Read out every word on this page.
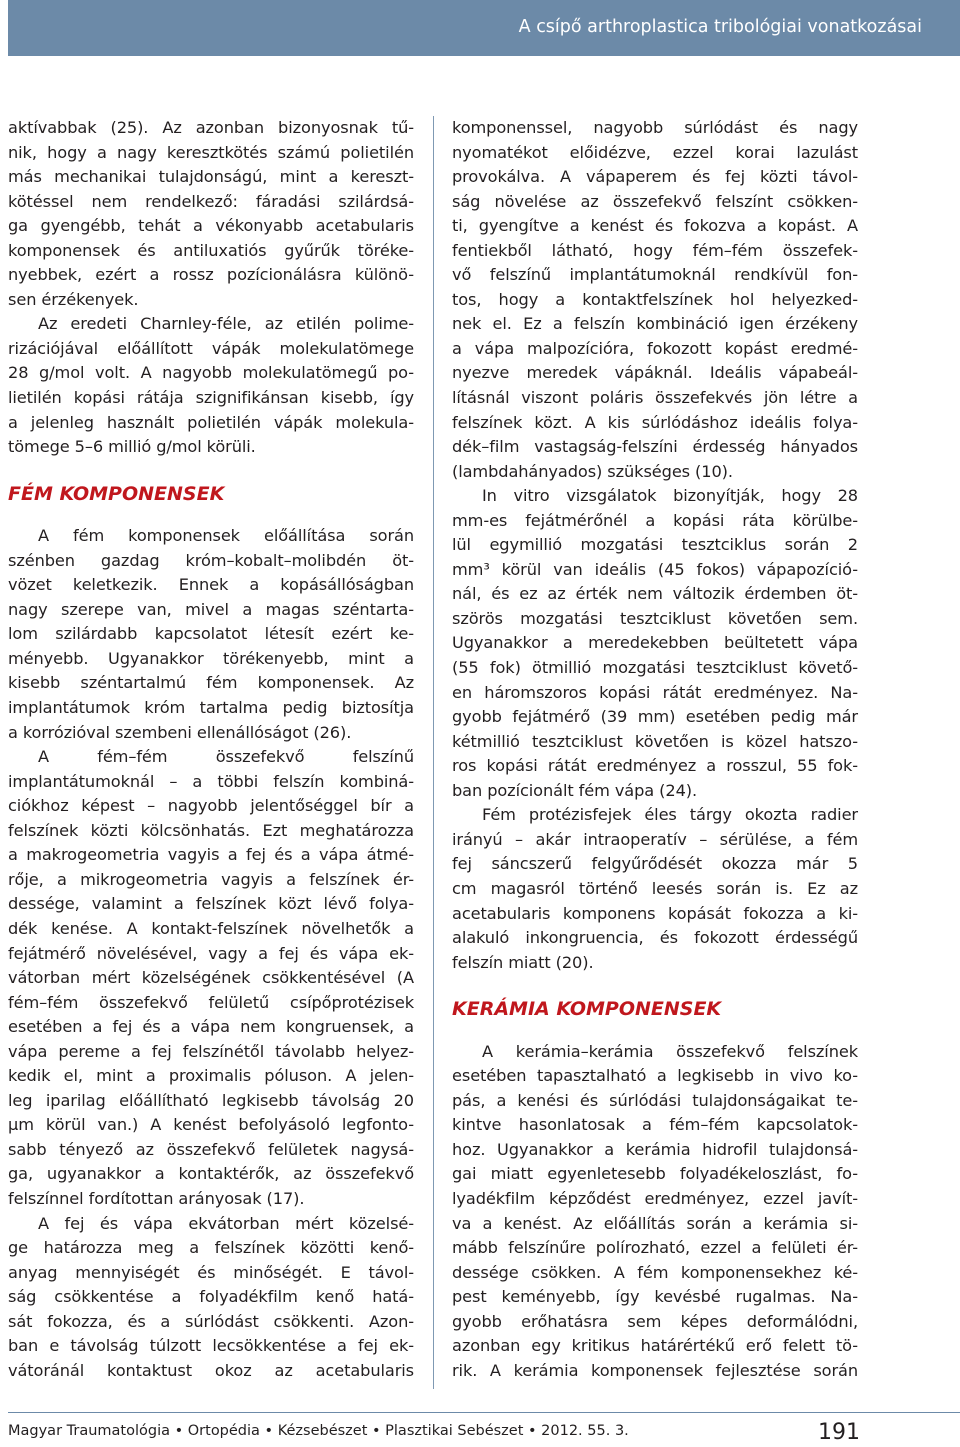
A csípő arthroplastica tribológiai vonatkozásai
aktívabbak (25). Az azonban bizonyosnak tű-
nik, hogy a nagy keresztkötés számú polietilén
más mechanikai tulajdonságú, mint a kereszt-
kötéssel nem rendelkező: fáradási szilárdsá-
ga gyengébb, tehát a vékonyabb acetabularis
komponensek és antiluxatiós gyűrűk töréke-
nyebbek, ezért a rossz pozícionálásra különö-
sen érzékenyek.
Az eredeti Charnley-féle, az etilén polime-
rizációjával előállított vápák molekulatömege
28 g/mol volt. A nagyobb molekulatömegű po-
lietilén kopási rátája szignifikánsan kisebb, így
a jelenleg használt polietilén vápák molekula-
tömege 5–6 millió g/mol körüli.
FÉM KOMPONENSEK
A fém komponensek előállítása során
szénben gazdag króm–kobalt–molibdén öt-
vözet keletkezik. Ennek a kopásállóságban
nagy szerepe van, mivel a magas széntarta-
lom szilárdabb kapcsolatot létesít ezért ke-
ményebb. Ugyanakkor törékenyebb, mint a
kisebb széntartalmú fém komponensek. Az
implantátumok króm tartalma pedig biztosítja
a korrózióval szembeni ellenállóságot (26).
A fém–fém összefekvő felszínű
implantátumoknál – a többi felszín kombiná-
ciókhoz képest – nagyobb jelentőséggel bír a
felszínek közti kölcsönhatás. Ezt meghatározza
a makrogeometria vagyis a fej és a vápa átmé-
rője, a mikrogeometria vagyis a felszínek ér-
dessége, valamint a felszínek közt lévő folya-
dék kenése. A kontakt-felszínek növelhetők a
fejátmérő növelésével, vagy a fej és vápa ek-
vátorban mért közelségének csökkentésével (A
fém–fém összefekvő felületű csípőprotézisek
esetében a fej és a vápa nem kongruensek, a
vápa pereme a fej felszínétől távolabb helyez-
kedik el, mint a proximalis póluson. A jelen-
leg iparilag előállítható legkisebb távolság 20
µm körül van.) A kenést befolyásoló legfonto-
sabb tényező az összefekvő felületek nagysá-
ga, ugyanakkor a kontaktérők, az összefekvő
felszínnel fordítottan arányosak (17).
A fej és vápa ekvátorban mért közelsé-
ge határozza meg a felszínek közötti kenő-
anyag mennyiségét és minőségét. E távol-
ság csökkentése a folyadékfilm kenő hatá-
sát fokozza, és a súrlódást csökkenti. Azon-
ban e távolság túlzott lecsökkentése a fej ek-
vátoránál kontaktust okoz az acetabularis
komponenssel, nagyobb súrlódást és nagy
nyomatékot előidézve, ezzel korai lazulást
provokálva. A vápaperem és fej közti távol-
ság növelése az összefekvő felszínt csökken-
ti, gyengítve a kenést és fokozva a kopást. A
fentiekből látható, hogy fém–fém összefek-
vő felszínű implantátumoknál rendkívül fon-
tos, hogy a kontaktfelszínek hol helyezked-
nek el. Ez a felszín kombináció igen érzékeny
a vápa malpozícióra, fokozott kopást eredmé-
nyezve meredek vápáknál. Ideális vápabeál-
lításnál viszont poláris összefekvés jön létre a
felszínek közt. A kis súrlódáshoz ideális folya-
dék–film vastagság-felszíni érdesség hányados
(lambdahányados) szükséges (10).
In vitro vizsgálatok bizonyítják, hogy 28
mm-es fejátmérőnél a kopási ráta körülbe-
lül egymillió mozgatási tesztciklus során 2
mm³ körül van ideális (45 fokos) vápapozíció-
nál, és ez az érték nem változik érdemben öt-
szörös mozgatási tesztciklust követően sem.
Ugyanakkor a meredekebben beültetett vápa
(55 fok) ötmillió mozgatási tesztciklust követő-
en háromszoros kopási rátát eredményez. Na-
gyobb fejátmérő (39 mm) esetében pedig már
kétmillió tesztciklust követően is közel hatszo-
ros kopási rátát eredményez a rosszul, 55 fok-
ban pozícionált fém vápa (24).
Fém protézisfejek éles tárgy okozta radier
irányú – akár intraoperatív – sérülése, a fém
fej sáncszerű felgyűrődését okozza már 5
cm magasról történő leesés során is. Ez az
acetabularis komponens kopását fokozza a ki-
alakuló inkongruencia, és fokozott érdességű
felszín miatt (20).
KERÁMIA KOMPONENSEK
A kerámia–kerámia összefekvő felszínek
esetében tapasztalható a legkisebb in vivo ko-
pás, a kenési és súrlódási tulajdonságaikat te-
kintve hasonlatosak a fém–fém kapcsolatok-
hoz. Ugyanakkor a kerámia hidrofil tulajdonsá-
gai miatt egyenletesebb folyadékeloszlást, fo-
lyadékfilm képződést eredményez, ezzel javít-
va a kenést. Az előállítás során a kerámia si-
mább felszínűre polírozható, ezzel a felületi ér-
dessége csökken. A fém komponensekhez ké-
pest keményebb, így kevésbé rugalmas. Na-
gyobb erőhatásra sem képes deformálódni,
azonban egy kritikus határértékű erő felett tö-
rik. A kerámia komponensek fejlesztése során
Magyar Traumatológia • Ortopédia • Kézsebészet • Plasztikai Sebészet • 2012. 55. 3.	191
